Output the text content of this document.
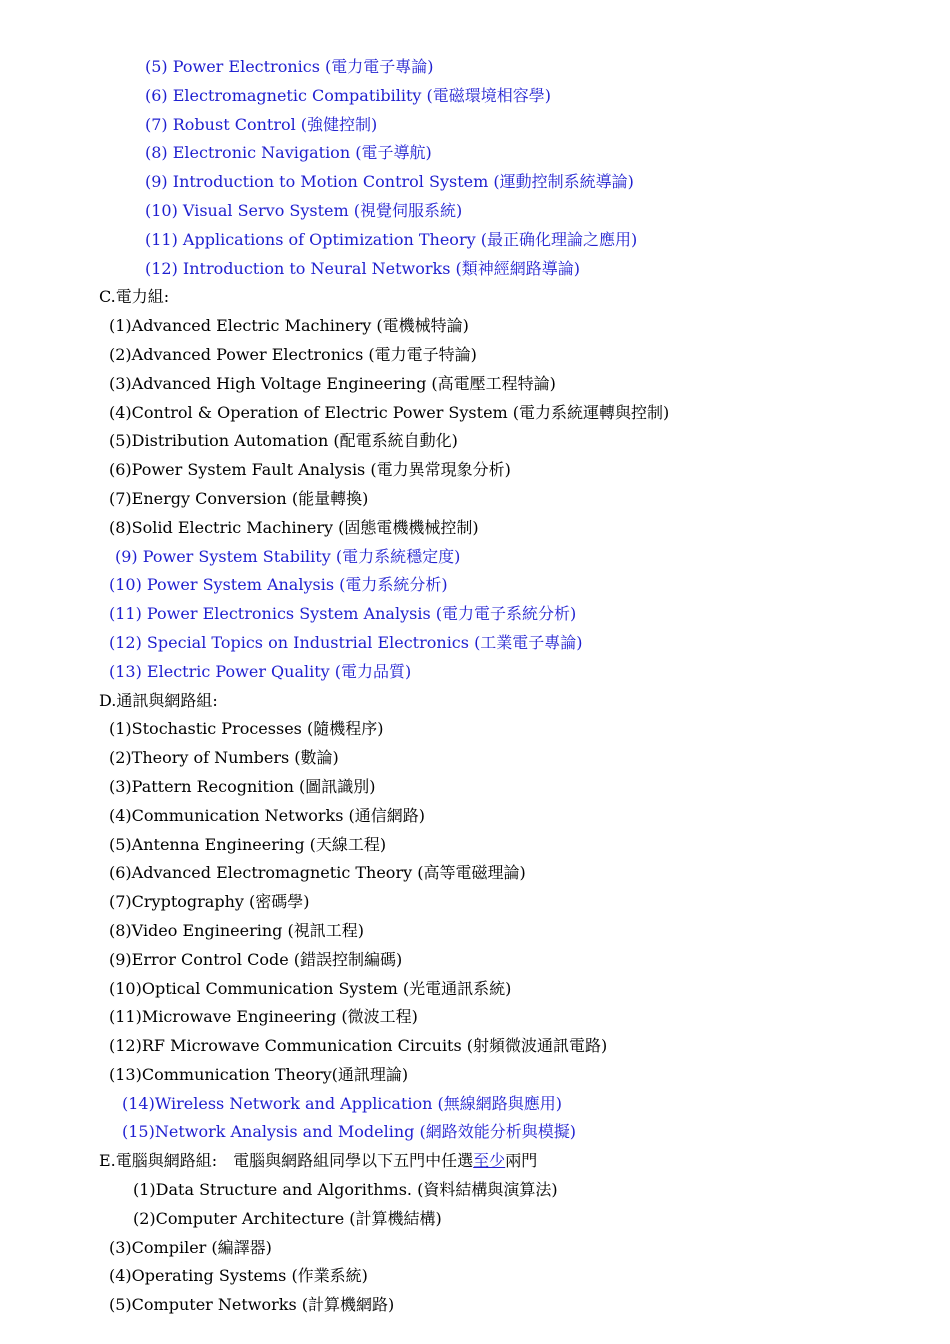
(5) Power Electronics (電力電子專論)
(6) Electromagnetic Compatibility (電磁環境相容學)
(7) Robust Control (強健控制)
(8) Electronic Navigation (電子導航)
(9) Introduction to Motion Control System (運動控制系統導論)
(10) Visual Servo System (視覺伺服系統)
(11) Applications of Optimization Theory (最正确化理論之應用)
(12) Introduction to Neural Networks (類神經網路導論)
C.電力組:
(1)Advanced Electric Machinery (電機械特論)
(2)Advanced Power Electronics (電力電子特論)
(3)Advanced High Voltage Engineering (高電壓工程特論)
(4)Control & Operation of Electric Power System (電力系統運轉與控制)
(5)Distribution Automation (配電系統自動化)
(6)Power System Fault Analysis (電力異常現象分析)
(7)Energy Conversion (能量轉換)
(8)Solid Electric Machinery (固態電機機械控制)
(9) Power System Stability (電力系統穩定度)
(10) Power System Analysis (電力系統分析)
(11) Power Electronics System Analysis (電力電子系統分析)
(12) Special Topics on Industrial Electronics (工業電子專論)
(13) Electric Power Quality (電力品質)
D.通訊與網路組:
(1)Stochastic Processes (隨機程序)
(2)Theory of Numbers (數論)
(3)Pattern Recognition (圖訊識別)
(4)Communication Networks (通信網路)
(5)Antenna Engineering (天線工程)
(6)Advanced Electromagnetic Theory (高等電磁理論)
(7)Cryptography (密碼學)
(8)Video Engineering (視訊工程)
(9)Error Control Code (錯誤控制編碼)
(10)Optical Communication System (光電通訊系統)
(11)Microwave Engineering (微波工程)
(12)RF Microwave Communication Circuits (射頻微波通訊電路)
(13)Communication Theory(通訊理論)
(14)Wireless Network and Application (無線網路與應用)
(15)Network Analysis and Modeling (網路效能分析與模擬)
E.電腦與網路組:　電腦與網路組同學以下五門中任選至少兩門
(1)Data Structure and Algorithms. (資料結構與演算法)
(2)Computer Architecture (計算機結構)
(3)Compiler (編譯器)
(4)Operating Systems (作業系統)
(5)Computer Networks (計算機網路)
